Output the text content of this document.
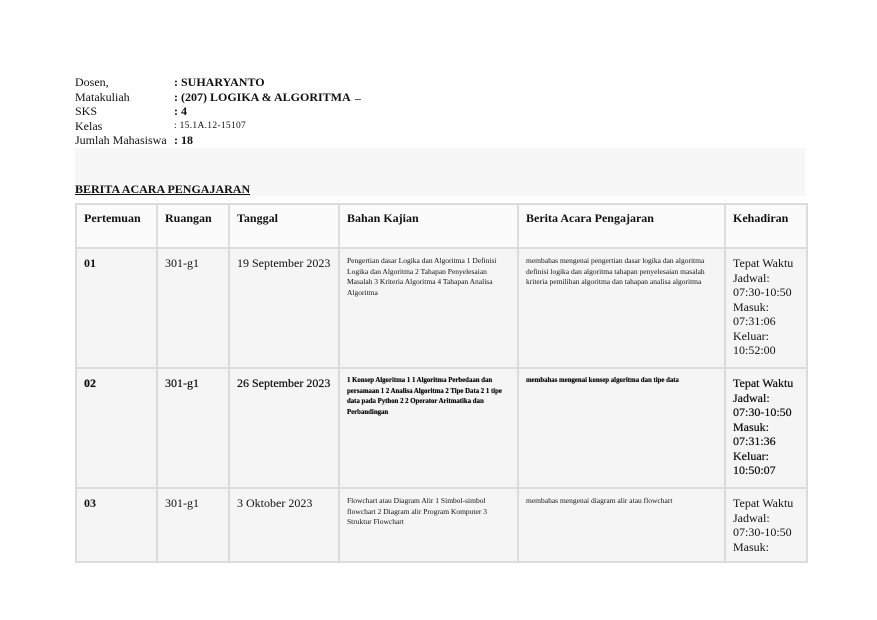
Dosen,	: SUHARYANTO
Matakuliah	: (207) LOGIKA & ALGORITMA
SKS	: 4
Kelas	: 15.1A.12-15107
Jumlah Mahasiswa : 18
BERITA ACARA PENGAJARAN
Pertemuan	Ruangan	Tanggal	Bahan Kajian	Berita Acara Pengajaran	Kehadiran
01	301-g1	19 September 2023	Pengertian dasar Logika dan Algoritma 1 Definisi Logika dan Algoritma 2 Tahapan Penyelesaian Masalah 3 Kriteria Algoritma 4 Tahapan Analisa Algoritma	membahas mengenai pengertian dasar logika dan algoritma definisi logika dan algoritma tahapan penyelesaian masalah kriteria pemilihan algoritma dan tahapan analisa algoritma	Tepat Waktu
Jadwal: 07:30-10:50
Masuk: 07:31:06
Keluar: 10:52:00

02	301-g1	26 September 2023	1 Konsep Algoritma 1 1 Algoritma Perbedaan dan persamaan 1 2 Analisa Algoritma 2 Tipe Data 2 1 tipe data pada Python 2 2 Operator Aritmatika dan Perbandingan	membahas mengenai konsep algoritma dan tipe data	Tepat Waktu
Jadwal: 07:30-10:50
Masuk: 07:31:36
Keluar: 10:50:07

03	301-g1	3 Oktober 2023	Flowchart atau Diagram Alir 1 Simbol-simbol flowchart 2 Diagram alir Program Komputer 3 Struktur Flowchart	membahas mengenai diagram alir atau flowchart	Tepat Waktu
Jadwal: 07:30-10:50
Masuk:
